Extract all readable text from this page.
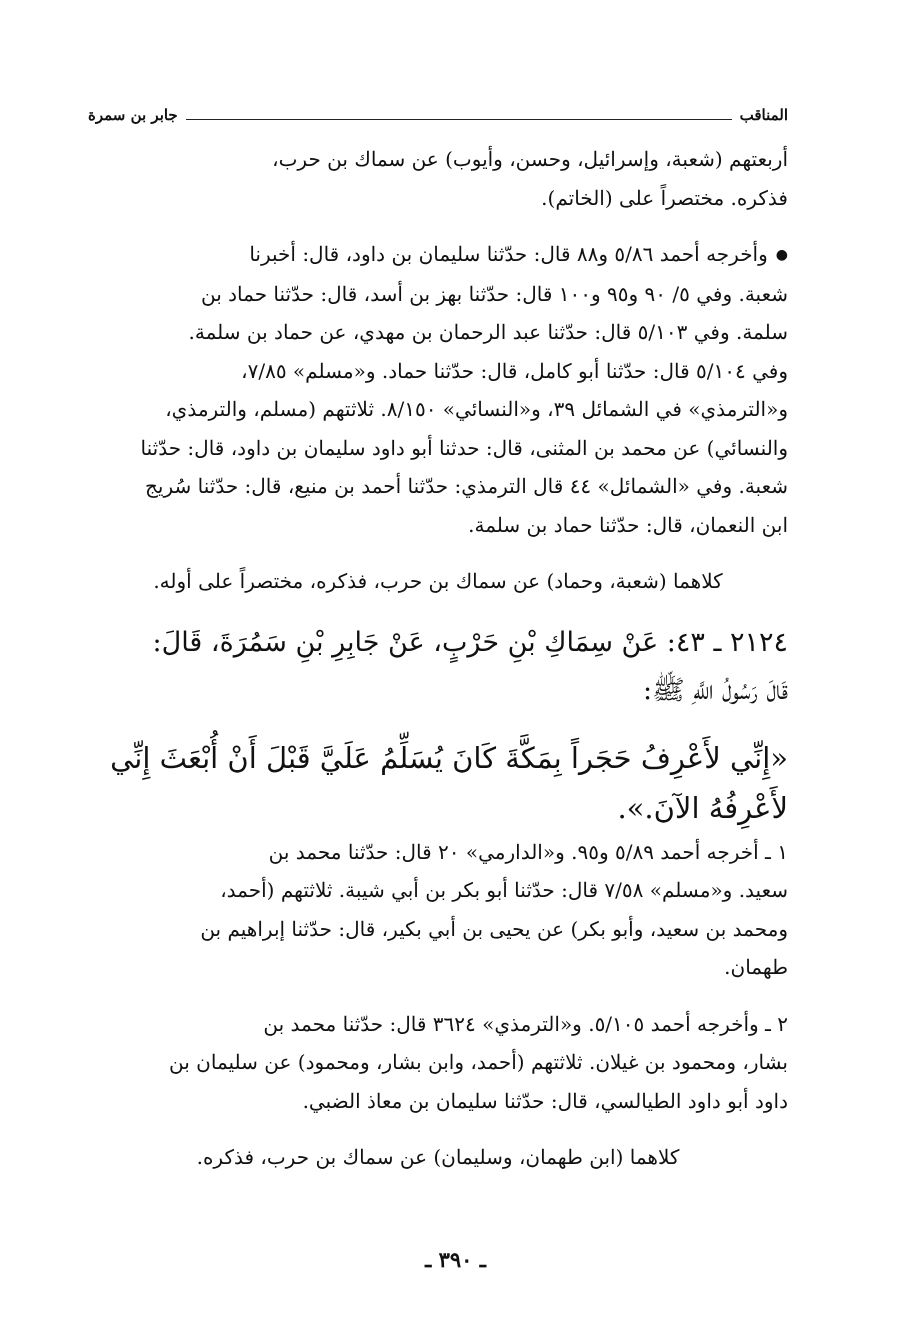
المناقب
جابر بن سمرة

أربعتهم (شعبة، وإسرائيل، وحسن، وأيوب) عن سماك بن حرب،
فذكره. مختصراً على (الخاتم).

●وأخرجه أحمد ٥/٨٦ و٨٨ قال: حدّثنا سليمان بن داود، قال: أخبرنا
شعبة. وفي ٥/ ٩٠ و٩٥ و١٠٠ قال: حدّثنا بهز بن أسد، قال: حدّثنا حماد بن
سلمة. وفي ٥/١٠٣ قال: حدّثنا عبد الرحمان بن مهدي، عن حماد بن سلمة.
وفي ٥/١٠٤ قال: حدّثنا أبو كامل، قال: حدّثنا حماد. و«مسلم» ٧/٨٥،
و«الترمذي» في الشمائل ٣٩، و«النسائي» ٨/١٥٠. ثلاثتهم (مسلم، والترمذي،
والنسائي) عن محمد بن المثنى، قال: حدثنا أبو داود سليمان بن داود، قال: حدّثنا
شعبة. وفي «الشمائل» ٤٤ قال الترمذي: حدّثنا أحمد بن منيع، قال: حدّثنا سُريج
ابن النعمان، قال: حدّثنا حماد بن سلمة.

كلاهما (شعبة، وحماد) عن سماك بن حرب، فذكره، مختصراً على أوله.

٢١٢٤ ـ ٤٣: عَنْ سِمَاكِ بْنِ حَرْبٍ، عَنْ جَابِرِ بْنِ سَمُرَةَ، قَالَ:
قَالَ رَسُولُ اللَّهِ ﷺ:

«إِنِّي لأَعْرِفُ حَجَراً بِمَكَّةَ كَانَ يُسَلِّمُ عَلَيَّ قَبْلَ أَنْ أُبْعَثَ إِنِّي
لأَعْرِفُهُ الآنَ.».

١ ـ أخرجه أحمد ٥/٨٩ و٩٥. و«الدارمي» ٢٠ قال: حدّثنا محمد بن
سعيد. و«مسلم» ٧/٥٨ قال: حدّثنا أبو بكر بن أبي شيبة. ثلاثتهم (أحمد،
ومحمد بن سعيد، وأبو بكر) عن يحيى بن أبي بكير، قال: حدّثنا إبراهيم بن
طهمان.

٢ ـ وأخرجه أحمد ٥/١٠٥. و«الترمذي» ٣٦٢٤ قال: حدّثنا محمد بن
بشار، ومحمود بن غيلان. ثلاثتهم (أحمد، وابن بشار، ومحمود) عن سليمان بن
داود أبو داود الطيالسي، قال: حدّثنا سليمان بن معاذ الضبي.

كلاهما (ابن طهمان، وسليمان) عن سماك بن حرب، فذكره.

ـ ٣٩٠ ـ
